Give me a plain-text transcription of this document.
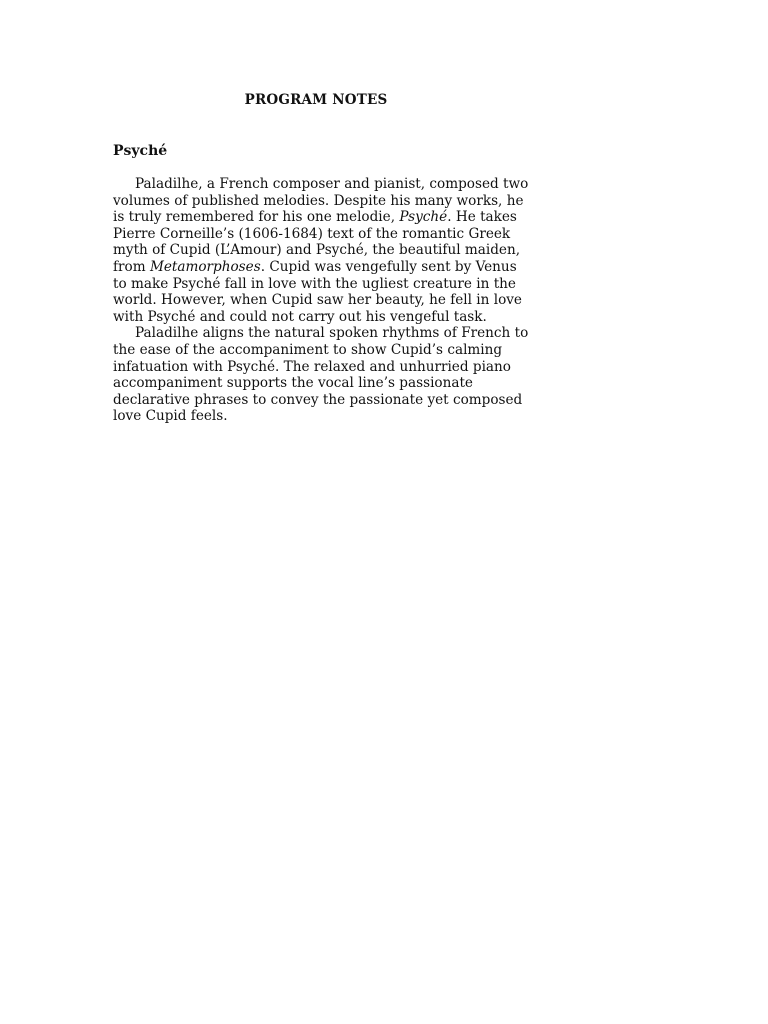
PROGRAM NOTES
Psyché

Paladilhe, a French composer and pianist, composed two volumes of published melodies. Despite his many works, he is truly remembered for his one melodie, Psyché. He takes Pierre Corneille’s (1606-1684) text of the romantic Greek myth of Cupid (L’Amour) and Psyché, the beautiful maiden, from Metamorphoses. Cupid was vengefully sent by Venus to make Psyché fall in love with the ugliest creature in the world. However, when Cupid saw her beauty, he fell in love with Psyché and could not carry out his vengeful task.

Paladilhe aligns the natural spoken rhythms of French to the ease of the accompaniment to show Cupid’s calming infatuation with Psyché. The relaxed and unhurried piano accompaniment supports the vocal line’s passionate declarative phrases to convey the passionate yet composed love Cupid feels.
